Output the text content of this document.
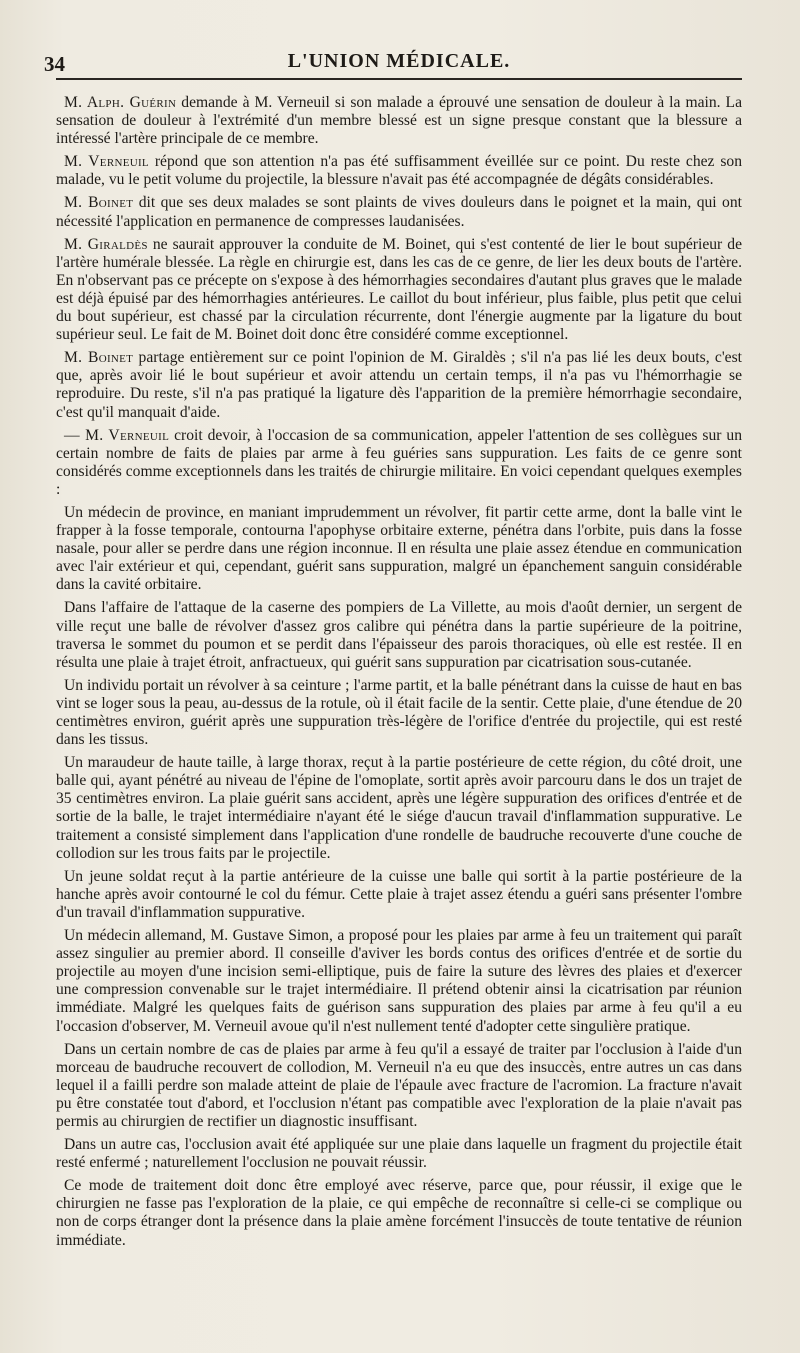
34	L'UNION MÉDICALE.

M. Alph. Guérin demande à M. Verneuil si son malade a éprouvé une sensation de douleur à la main. La sensation de douleur à l'extrémité d'un membre blessé est un signe presque constant que la blessure a intéressé l'artère principale de ce membre.

M. Verneuil répond que son attention n'a pas été suffisamment éveillée sur ce point. Du reste chez son malade, vu le petit volume du projectile, la blessure n'avait pas été accompagnée de dégâts considérables.

M. Boinet dit que ses deux malades se sont plaints de vives douleurs dans le poignet et la main, qui ont nécessité l'application en permanence de compresses laudanisées.

M. Giraldès ne saurait approuver la conduite de M. Boinet, qui s'est contenté de lier le bout supérieur de l'artère humérale blessée. La règle en chirurgie est, dans les cas de ce genre, de lier les deux bouts de l'artère. En n'observant pas ce précepte on s'expose à des hémorrhagies secondaires d'autant plus graves que le malade est déjà épuisé par des hémorrhagies antérieures. Le caillot du bout inférieur, plus faible, plus petit que celui du bout supérieur, est chassé par la circulation récurrente, dont l'énergie augmente par la ligature du bout supérieur seul. Le fait de M. Boinet doit donc être considéré comme exceptionnel.

M. Boinet partage entièrement sur ce point l'opinion de M. Giraldès ; s'il n'a pas lié les deux bouts, c'est que, après avoir lié le bout supérieur et avoir attendu un certain temps, il n'a pas vu l'hémorrhagie se reproduire. Du reste, s'il n'a pas pratiqué la ligature dès l'apparition de la première hémorrhagie secondaire, c'est qu'il manquait d'aide.

— M. Verneuil croit devoir, à l'occasion de sa communication, appeler l'attention de ses collègues sur un certain nombre de faits de plaies par arme à feu guéries sans suppuration. Les faits de ce genre sont considérés comme exceptionnels dans les traités de chirurgie militaire. En voici cependant quelques exemples :

Un médecin de province, en maniant imprudemment un révolver, fit partir cette arme, dont la balle vint le frapper à la fosse temporale, contourna l'apophyse orbitaire externe, pénétra dans l'orbite, puis dans la fosse nasale, pour aller se perdre dans une région inconnue. Il en résulta une plaie assez étendue en communication avec l'air extérieur et qui, cependant, guérit sans suppuration, malgré un épanchement sanguin considérable dans la cavité orbitaire.

Dans l'affaire de l'attaque de la caserne des pompiers de La Villette, au mois d'août dernier, un sergent de ville reçut une balle de révolver d'assez gros calibre qui pénétra dans la partie supérieure de la poitrine, traversa le sommet du poumon et se perdit dans l'épaisseur des parois thoraciques, où elle est restée. Il en résulta une plaie à trajet étroit, anfractueux, qui guérit sans suppuration par cicatrisation sous-cutanée.

Un individu portait un révolver à sa ceinture ; l'arme partit, et la balle pénétrant dans la cuisse de haut en bas vint se loger sous la peau, au-dessus de la rotule, où il était facile de la sentir. Cette plaie, d'une étendue de 20 centimètres environ, guérit après une suppuration très-légère de l'orifice d'entrée du projectile, qui est resté dans les tissus.

Un maraudeur de haute taille, à large thorax, reçut à la partie postérieure de cette région, du côté droit, une balle qui, ayant pénétré au niveau de l'épine de l'omoplate, sortit après avoir parcouru dans le dos un trajet de 35 centimètres environ. La plaie guérit sans accident, après une légère suppuration des orifices d'entrée et de sortie de la balle, le trajet intermédiaire n'ayant été le siége d'aucun travail d'inflammation suppurative. Le traitement a consisté simplement dans l'application d'une rondelle de baudruche recouverte d'une couche de collodion sur les trous faits par le projectile.

Un jeune soldat reçut à la partie antérieure de la cuisse une balle qui sortit à la partie postérieure de la hanche après avoir contourné le col du fémur. Cette plaie à trajet assez étendu a guéri sans présenter l'ombre d'un travail d'inflammation suppurative.

Un médecin allemand, M. Gustave Simon, a proposé pour les plaies par arme à feu un traitement qui paraît assez singulier au premier abord. Il conseille d'aviver les bords contus des orifices d'entrée et de sortie du projectile au moyen d'une incision semi-elliptique, puis de faire la suture des lèvres des plaies et d'exercer une compression convenable sur le trajet intermédiaire. Il prétend obtenir ainsi la cicatrisation par réunion immédiate. Malgré les quelques faits de guérison sans suppuration des plaies par arme à feu qu'il a eu l'occasion d'observer, M. Verneuil avoue qu'il n'est nullement tenté d'adopter cette singulière pratique.

Dans un certain nombre de cas de plaies par arme à feu qu'il a essayé de traiter par l'occlusion à l'aide d'un morceau de baudruche recouvert de collodion, M. Verneuil n'a eu que des insuccès, entre autres un cas dans lequel il a failli perdre son malade atteint de plaie de l'épaule avec fracture de l'acromion. La fracture n'avait pu être constatée tout d'abord, et l'occlusion n'étant pas compatible avec l'exploration de la plaie n'avait pas permis au chirurgien de rectifier un diagnostic insuffisant.

Dans un autre cas, l'occlusion avait été appliquée sur une plaie dans laquelle un fragment du projectile était resté enfermé ; naturellement l'occlusion ne pouvait réussir.

Ce mode de traitement doit donc être employé avec réserve, parce que, pour réussir, il exige que le chirurgien ne fasse pas l'exploration de la plaie, ce qui empêche de reconnaître si celle-ci se complique ou non de corps étranger dont la présence dans la plaie amène forcément l'insuccès de toute tentative de réunion immédiate.
